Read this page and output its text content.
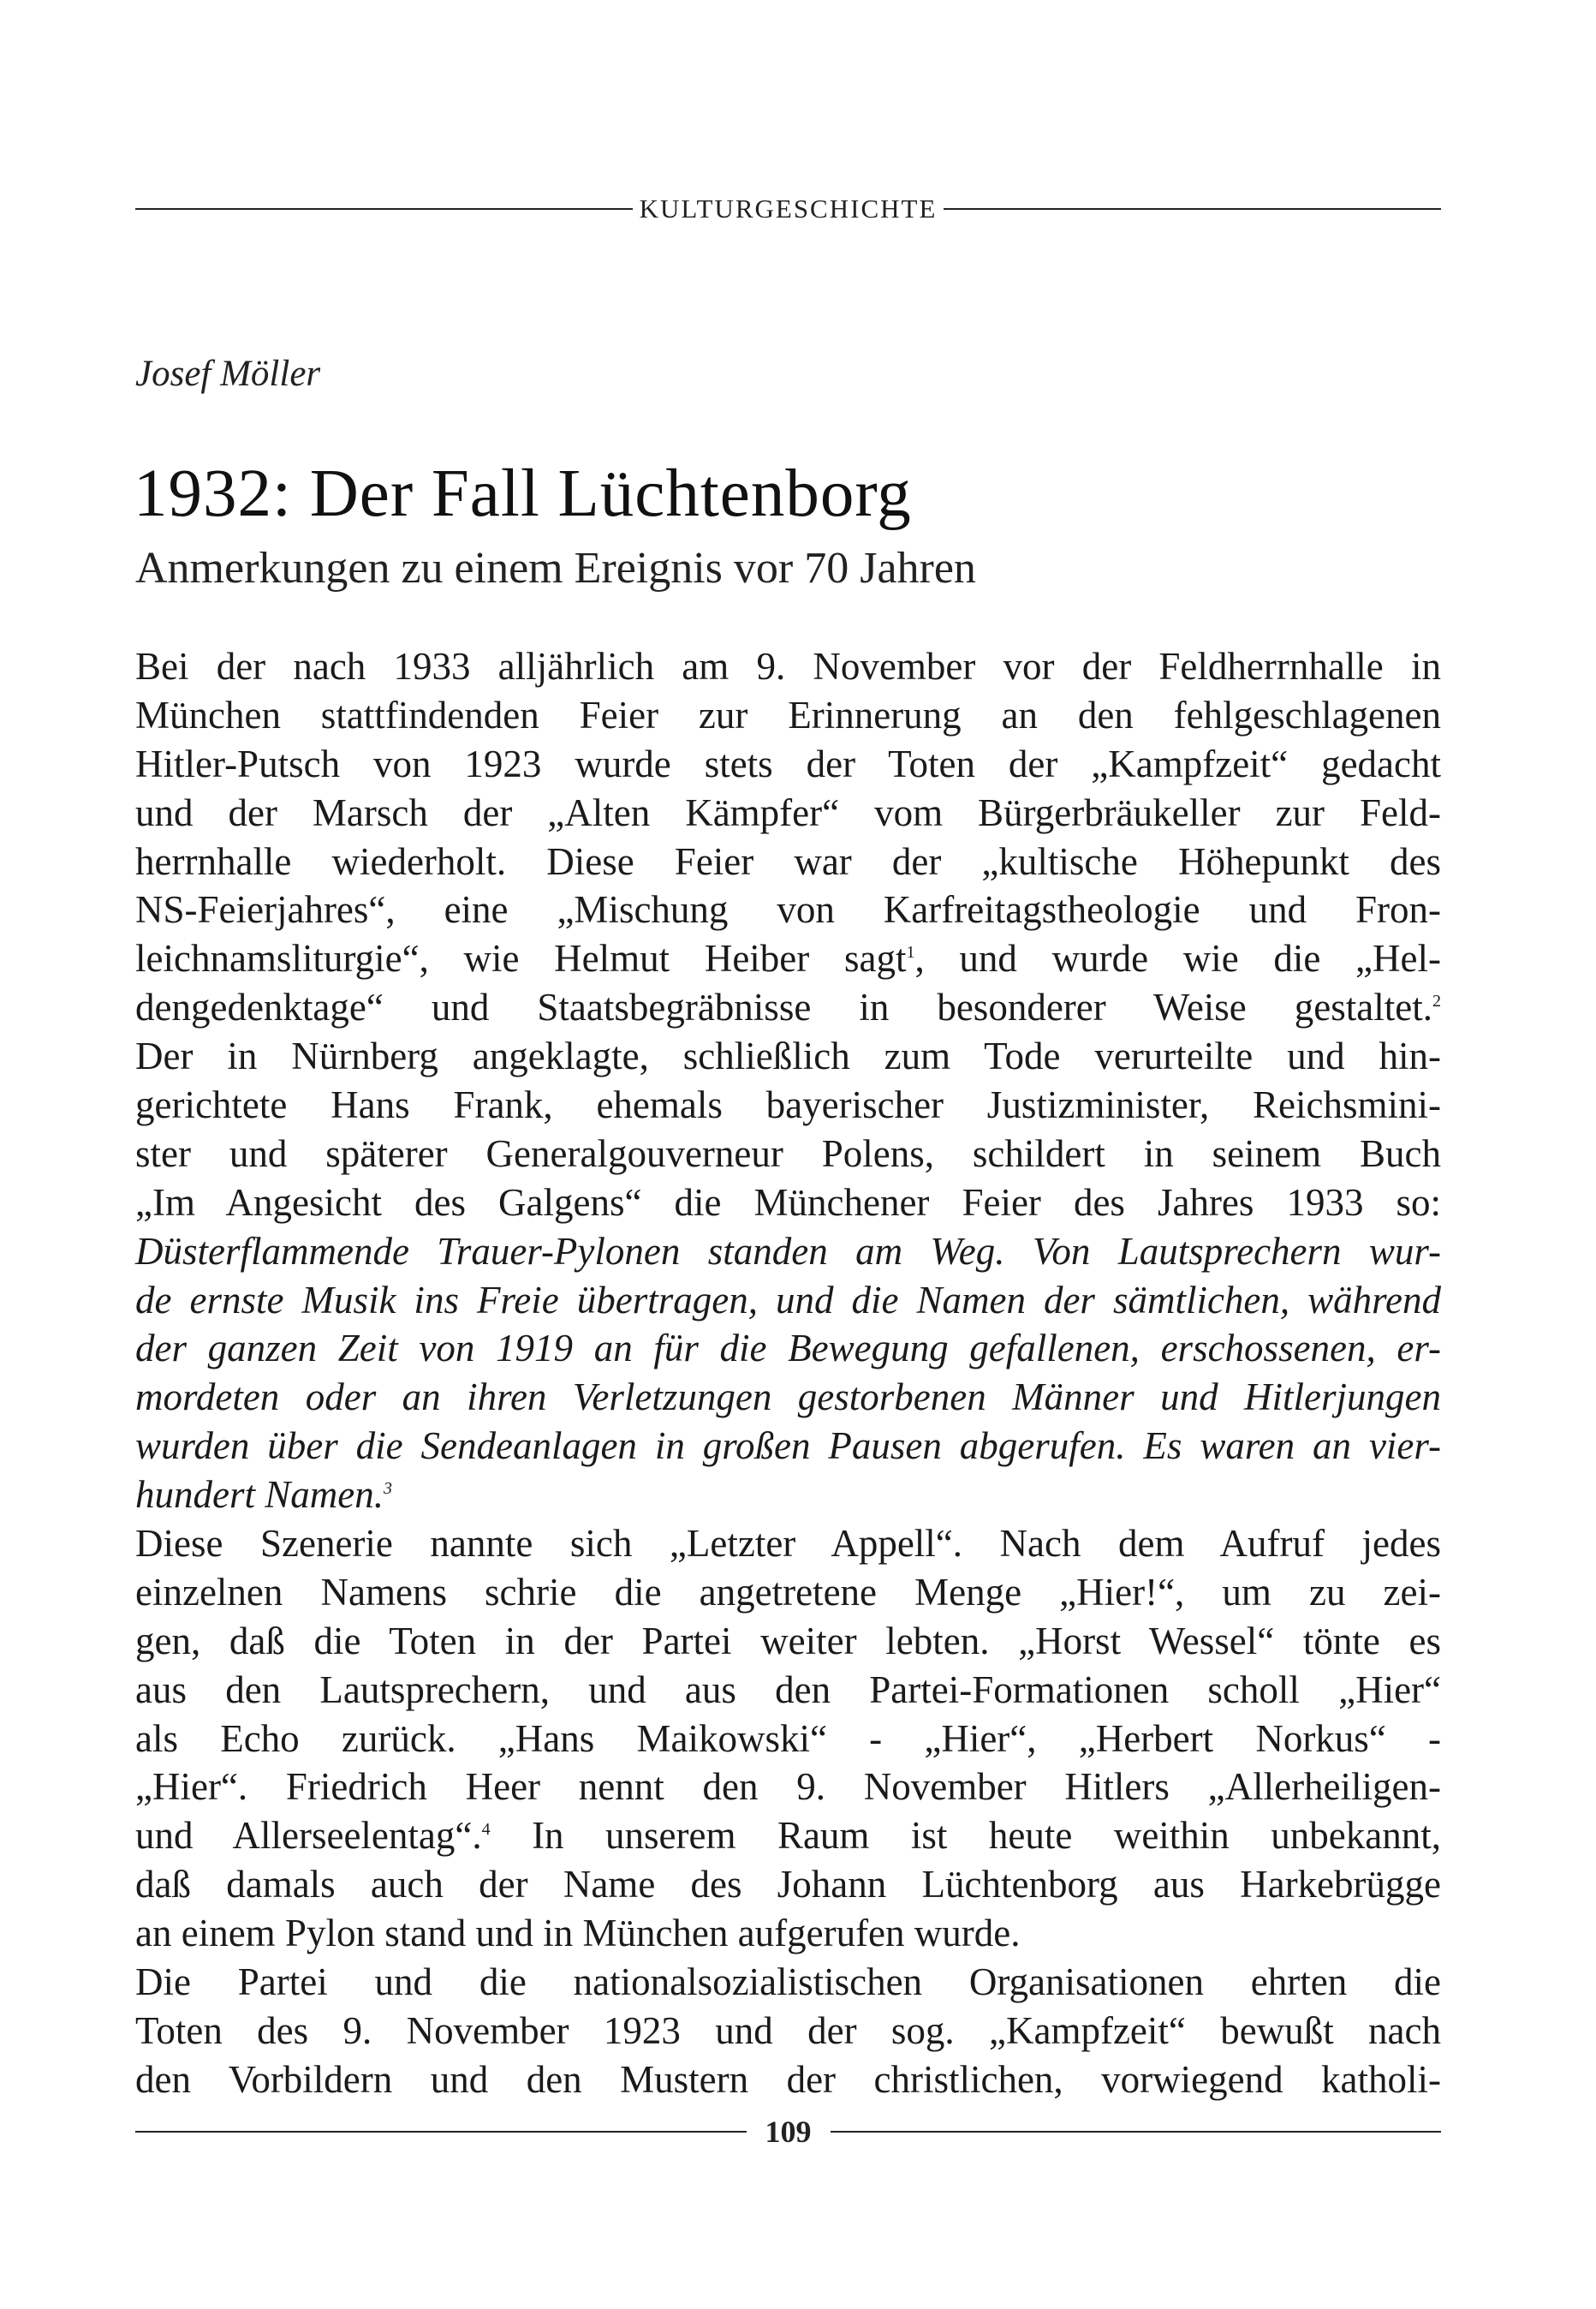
KULTURGESCHICHTE
Josef Möller
1932: Der Fall Lüchtenborg
Anmerkungen zu einem Ereignis vor 70 Jahren
Bei der nach 1933 alljährlich am 9. November vor der Feldherrnhalle in
München stattfindenden Feier zur Erinnerung an den fehlgeschlagenen
Hitler-Putsch von 1923 wurde stets der Toten der „Kampfzeit“ gedacht
und der Marsch der „Alten Kämpfer“ vom Bürgerbräukeller zur Feld-
herrnhalle wiederholt. Diese Feier war der „kultische Höhepunkt des
NS-Feierjahres“, eine „Mischung von Karfreitagstheologie und Fron-
leichnamsliturgie“, wie Helmut Heiber sagt$^1$, und wurde wie die „Hel-
dengedenktage“ und Staatsbegräbnisse in besonderer Weise gestaltet.$^2$
Der in Nürnberg angeklagte, schließlich zum Tode verurteilte und hin-
gerichtete Hans Frank, ehemals bayerischer Justizminister, Reichsmini-
ster und späterer Generalgouverneur Polens, schildert in seinem Buch
„Im Angesicht des Galgens“ die Münchener Feier des Jahres 1933 so:
Düsterflammende Trauer-Pylonen standen am Weg. Von Lautsprechern wur-
de ernste Musik ins Freie übertragen, und die Namen der sämtlichen, während
der ganzen Zeit von 1919 an für die Bewegung gefallenen, erschossenen, er-
mordeten oder an ihren Verletzungen gestorbenen Männer und Hitlerjungen
wurden über die Sendeanlagen in großen Pausen abgerufen. Es waren an vier-
hundert Namen.$^3$
Diese Szenerie nannte sich „Letzter Appell“. Nach dem Aufruf jedes
einzelnen Namens schrie die angetretene Menge „Hier!“, um zu zei-
gen, daß die Toten in der Partei weiter lebten. „Horst Wessel“ tönte es
aus den Lautsprechern, und aus den Partei-Formationen scholl „Hier“
als Echo zurück. „Hans Maikowski“ - „Hier“, „Herbert Norkus“ -
„Hier“. Friedrich Heer nennt den 9. November Hitlers „Allerheiligen-
und Allerseelentag“.$^4$ In unserem Raum ist heute weithin unbekannt,
daß damals auch der Name des Johann Lüchtenborg aus Harkebrügge
an einem Pylon stand und in München aufgerufen wurde.
Die Partei und die nationalsozialistischen Organisationen ehrten die
Toten des 9. November 1923 und der sog. „Kampfzeit“ bewußt nach
den Vorbildern und den Mustern der christlichen, vorwiegend katholi-
109
